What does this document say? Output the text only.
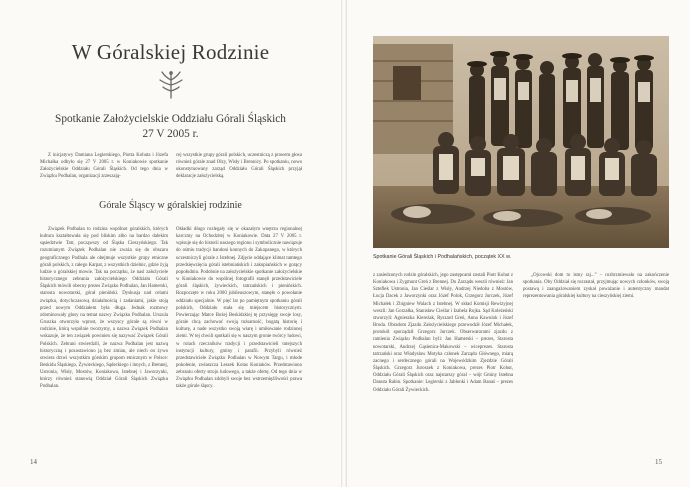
W Góralskiej Rodzinie
Spotkanie Założycielskie Oddziału Górali Śląskich
27 V 2005 r.

Z inicjatywy Damiana Legierskiego, Piotra Kohuta i Józefa Michałka odbyło się 27 V 2005 r. w Koniakowie spotkanie Założycielskie Oddziału Górali Śląskich. Od tego dnia w Związku Podhalan, organizacji zrzeszają-

cej wszystkie grupy górali polskich, uczestniczą z prawem głosu również górale znad Olzy, Wisły i Brennicy. Po spotkaniu, nowo ukonstytuowany zarząd Oddziału Górali Śląskich przyjął deklaracje założycielską.

Górale Śląscy w góralskiej rodzinie

Związek Podhalan to rodzina wspólnot góralskich, których kultura kształtowała się pod bliskim albo na bardzo dalekim sąsiedztwie Tatr, począwszy od Śląska Cieszyńskiego. Tak rozumianym Związek Podhalan nie zważa się do obszaru geograficznego Podhala ale obejmuje wszystkie grupy etniczne górali polskich, z całego Karpat, z wszystkich dzielnic, gdzie żyją ludzie o góralskiej mowie. Tak na początku, że nasi założyciele historycznego zebrania założycielskiego Oddziału Górali Śląskich mówili obecny prezes Związku Podhalan, Jan Hamerski, starosta nowotarski, górał pieniński. Dyskusja nad celami związku, dotychczasową działalnością i zadaniami, jakie stoją przed nowym Oddziałem była długa. Jednak rozmowy zdominowały głosy na temat nazwy Związku Podhalan. Urszula Gruszka otworzyła wprost, że wszyscy górale są równi w rodzinie, którą wspólnie tworzymy, a nazwa Związek Podhalan wskazuje, że ten związek powinien się nazywać Związek Górali Polskich. Zebrani stwierdzili, że nazwa Podhalan jest nazwą historyczną i pozostawiono ją bez zmian, ale niech on żywo otwiera drzwi wszystkim górskim grupom etnicznym w Polsce: Beskidu Śląskiego, Żywieckiego, Sądeckiego i innych, z Brennej, Ustronia, Wisły, Mostów, Koniakowa, Istebnej i Jaworzynki, którzy również stanowią Oddział Górali Śląskich Związku Podhalan.

Okładki długo rozlegały się w okazałym wnętrzu regionalnej karczmy na Ochodzitej w Koniakowie. Data 27 V 2005 r. wpisuje się do historii naszego regionu i symbolicznie nawiązuje do ośmiu tradycji bandoni konnych do Zakopanego, w których uczestniczyli górale z Istebnej. Zdjęcie oddające klimat tamtego przedsięwzięcia górali istebniańskich i zakopiańskich w gorący popołudniu. Podobnie na założycielskie spotkanie założycielskie w Koniakowie do wspólnej fotografii stanęli przedstawiciele górali śląskich, żywieckich, tatrzańskich i pienińskich. Rozpoczęte w roku 2000 jubileuszowym, stanęło o powołanie oddziału specjalnie. W pięć lat po pamiętnym spotkaniu górali polskich, Oddziału stała się miejscem historycznym. Powierzając Matce Bożej Beskidzkiej tę przysięgę swoje losy, górale chcą zachować swoją tożsamość, bogatą historię i kulturę, a nade wszystko swoją wiarę i umiłowanie rodzinnej ziemi. W tej chwili spotkali się w naszym gronie twórcy ludowi, w rolach rzeczników tradycji i przedstawicieli tutejszych instytucji kultury, gminy i parafii. Przybyli również przedstawiciele Związku Podhalan w Nowym Targu, i młode pokolenie, zwłaszcza Leszek Kotas Koniaków. Przedstawiono zebraniu oferty stroju ludowego, a także ofertę. Od tego dnia w Związku Podhalan zdobyli swoje bez wstrzemięźliwości prawa także górale śląscy.

14
Spotkanie Górali Śląskich i Podhalańskich, początek XX w.

z zasiedzonych rodzin góralskich, jego zastępcami zostali Piotr Kohut z Koniakowa i Zygmunt Greń z Brennej. Do Zarządu weszli również: Jan Szteflek Ustronia, Jan Cieślar z Wisły, Andrzej Niedoba z Mostów, Łucja Dacek z Jaworzynki oraz Józef Polok, Grzegorz Jurczek, Józef Michałek i Zbigniew Walach z Istebnej. W skład Komisji Rewizyjnej weszli: Jan Gorzałka, Stanisław Cieślar i Izabela Rojka. Sąd Koleżeński stworzyli: Agnieszka Kiereżak, Ryszard Greń, Anna Kawulok i Józef Broda. Obradom Zjazdu Założycielskiego przewodził Józef Michałek, protokół sporządził Grzegorz Jurczek. Obserwatorami zjazdu z ramienia Związku Podhalan byli: Jan Hamerski – prezes, Starosta nowotarski, Andrzej Gąsienica-Makowski – wiceprezes. Starosta tatrzański oraz Władysław Motyka członek Zarządu Głównego, miarą zacnego i serdecznego górali na Wojewódzkim Zjeździe Górali Śląskich. Grzegorz Juroszek z Koniakowa, prezes Piotr Kohut, Oddziału Górali Śląskich oraz najstarszy góral – wójt Gminy Istebna Danuta Rabin. Spotkanie: Legierski z Jabłonki i Adam Banaś – prezes Oddziału Górali Żywieckich.

„Ojcowski dom to istny raj...” – rozbrzmiewało na zakończenie spotkania. Oby Oddział się rozrastał, przyjmując nowych członków, swoją postawą i zaangażowaniem zyskał poważanie i autentyczny mandat reprezentowania góralskiej kultury na cieszyńskiej ziemi.

15
